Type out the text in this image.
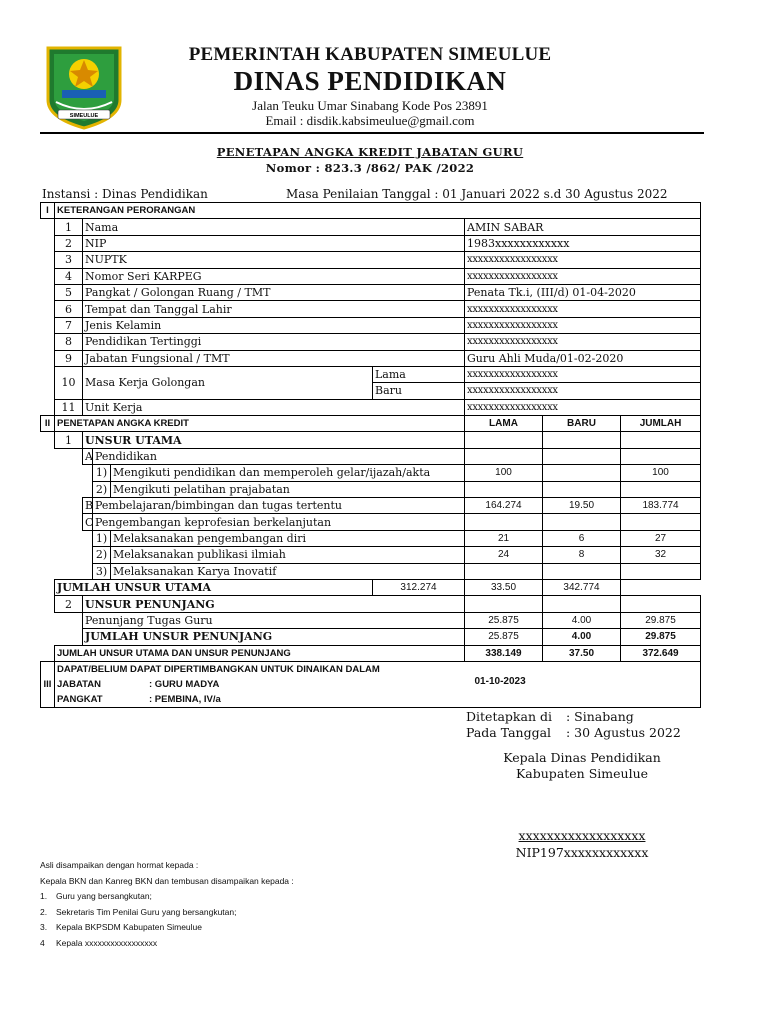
SIMEULUE
PEMERINTAH KABUPATEN SIMEULUE
DINAS PENDIDIKAN
Jalan Teuku Umar Sinabang Kode Pos 23891
Email : disdik.kabsimeulue@gmail.com
PENETAPAN ANGKA KREDIT JABATAN GURU
Nomor : 823.3 /862/ PAK /2022
Instansi : Dinas Pendidikan	Masa Penilaian Tanggal : 01 Januari 2022 s.d 30 Agustus 2022
I	KETERANGAN PERORANGAN							
	1	Nama				AMIN SABAR		
	2	NIP				1983xxxxxxxxxxxx		
	3	NUPTK				xxxxxxxxxxxxxxxxx		
	4	Nomor Seri KARPEG				xxxxxxxxxxxxxxxxx		
	5	Pangkat / Golongan Ruang / TMT				Penata Tk.i, (III/d) 01-04-2020		
	6	Tempat dan Tanggal Lahir				xxxxxxxxxxxxxxxxx		
	7	Jenis Kelamin				xxxxxxxxxxxxxxxxx		
	8	Pendidikan Tertinggi				xxxxxxxxxxxxxxxxx		
	9	Jabatan Fungsional / TMT				Guru Ahli Muda/01-02-2020		
	10	Masa Kerja Golongan			Lama	xxxxxxxxxxxxxxxxx		
					Baru	xxxxxxxxxxxxxxxxx		
	11	Unit Kerja				xxxxxxxxxxxxxxxxx		
II	PENETAPAN ANGKA KREDIT					LAMA	BARU	JUMLAH
	1	UNSUR UTAMA						
		A	Pendidikan					
			1)	Mengikuti pendidikan dan memperoleh gelar/ijazah/akta		100		100
			2)	Mengikuti pelatihan prajabatan				
		B	Pembelajaran/bimbingan dan tugas tertentu			164.274	19.50	183.774
		C	Pengembangan keprofesian berkelanjutan					
			1)	Melaksanakan pengembangan diri		21	6	27
			2)	Melaksanakan publikasi ilmiah		24	8	32
			3)	Melaksanakan Karya Inovatif				
	JUMLAH UNSUR UTAMA				312.274	33.50	342.774	
	2	UNSUR PENUNJANG						
		Penunjang Tugas Guru				25.875	4.00	29.875
		JUMLAH UNSUR PENUNJANG				25.875	4.00	29.875
	JUMLAH UNSUR UTAMA DAN UNSUR PENUNJANG					338.149	37.50	372.649
III	DAPAT/BELIUM DAPAT DIPERTIMBANGKAN UNTUK DINAIKAN DALAM
JABATAN : GURU MADYA
PANGKAT : PEMBINA, IV/a					01-10-2023		
Ditetapkan di : Sinabang
Pada Tanggal : 30 Agustus 2022
Kepala Dinas Pendidikan
Kabupaten Simeulue
xxxxxxxxxxxxxxxxxx
NIP197xxxxxxxxxxxx
Asli disampaikan dengan hormat kepada :
Kepala BKN dan Kanreg BKN dan tembusan disampaikan kepada :
1. Guru yang bersangkutan;
2. Sekretaris Tim Penilai Guru yang bersangkutan;
3. Kepala BKPSDM Kabupaten Simeulue
4 Kepala xxxxxxxxxxxxxxxxx
